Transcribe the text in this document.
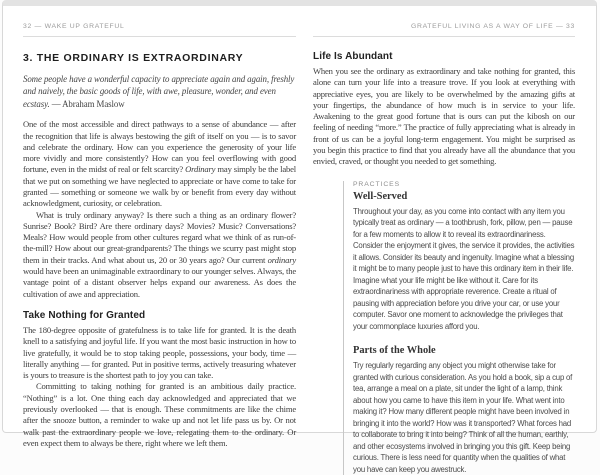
32 — WAKE UP GRATEFUL
3. THE ORDINARY IS EXTRAORDINARY
Some people have a wonderful capacity to appreciate again and again, freshly and naively, the basic goods of life, with awe, pleasure, wonder, and even ecstasy. — Abraham Maslow

One of the most accessible and direct pathways to a sense of abundance — after the recognition that life is always bestowing the gift of itself on you — is to savor and celebrate the ordinary. How can you experience the generosity of your life more vividly and more consistently? How can you feel overflowing with good fortune, even in the midst of real or felt scarcity? Ordinary may simply be the label that we put on something we have neglected to appreciate or have come to take for granted — something or someone we walk by or benefit from every day without acknowledgment, curiosity, or celebration.

What is truly ordinary anyway? Is there such a thing as an ordinary flower? Sunrise? Book? Bird? Are there ordinary days? Movies? Music? Conversations? Meals? How would people from other cultures regard what we think of as run-of-the-mill? How about our great-grandparents? The things we scurry past might stop them in their tracks. And what about us, 20 or 30 years ago? Our current ordinary would have been an unimaginable extraordinary to our younger selves. Always, the vantage point of a distant observer helps expand our awareness. As does the cultivation of awe and appreciation.

Take Nothing for Granted

The 180-degree opposite of gratefulness is to take life for granted. It is the death knell to a satisfying and joyful life. If you want the most basic instruction in how to live gratefully, it would be to stop taking people, possessions, your body, time — literally anything — for granted. Put in positive terms, actively treasuring whatever is yours to treasure is the shortest path to joy you can take.

Committing to taking nothing for granted is an ambitious daily practice. “Nothing” is a lot. One thing each day acknowledged and appreciated that we previously overlooked — that is enough. These commitments are like the chime after the snooze button, a reminder to wake up and not let life pass us by. Or not walk past the extraordinary people we love, relegating them to the ordinary. Or even expect them to always be there, right where we left them.

GRATEFUL LIVING AS A WAY OF LIFE — 33
Life Is Abundant

When you see the ordinary as extraordinary and take nothing for granted, this alone can turn your life into a treasure trove. If you look at everything with appreciative eyes, you are likely to be overwhelmed by the amazing gifts at your fingertips, the abundance of how much is in service to your life. Awakening to the great good fortune that is ours can put the kibosh on our feeling of needing “more.” The practice of fully appreciating what is already in front of us can be a joyful long-term engagement. You might be surprised as you begin this practice to find that you already have all the abundance that you envied, craved, or thought you needed to get something.

PRACTICES
Well-Served

Throughout your day, as you come into contact with any item you typically treat as ordinary — a toothbrush, fork, pillow, pen — pause for a few moments to allow it to reveal its extraordinariness. Consider the enjoyment it gives, the service it provides, the activities it allows. Consider its beauty and ingenuity. Imagine what a blessing it might be to many people just to have this ordinary item in their life. Imagine what your life might be like without it. Care for its extraordinariness with appropriate reverence. Create a ritual of pausing with appreciation before you drive your car, or use your computer. Savor one moment to acknowledge the privileges that your commonplace luxuries afford you.

Parts of the Whole

Try regularly regarding any object you might otherwise take for granted with curious consideration. As you hold a book, sip a cup of tea, arrange a meal on a plate, sit under the light of a lamp, think about how you came to have this item in your life. What went into making it? How many different people might have been involved in bringing it into the world? How was it transported? What forces had to collaborate to bring it into being? Think of all the human, earthly, and other ecosystems involved in bringing you this gift. Keep being curious. There is less need for quantity when the qualities of what you have can keep you awestruck.
